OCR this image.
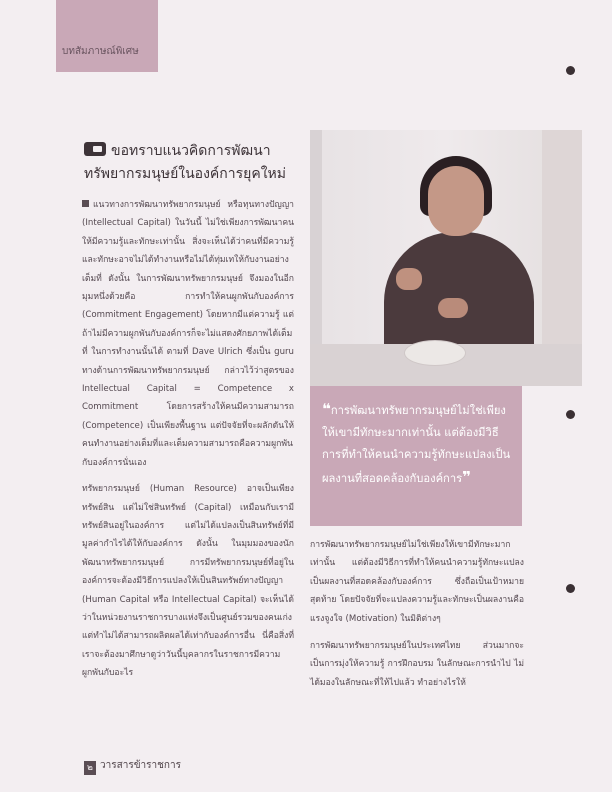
บทสัมภาษณ์พิเศษ
ขอทราบแนวคิดการพัฒนาทรัพยากรมนุษย์ในองค์การยุคใหม่

แนวทางการพัฒนาทรัพยากรมนุษย์ หรือทุนทางปัญญา (Intellectual Capital) ในวันนี้ ไม่ใช่เพียงการพัฒนาคนให้มีความรู้และทักษะเท่านั้น สิ่งจะเห็นได้ว่าคนที่มีความรู้และทักษะอาจไม่ได้ทำงานหรือไม่ได้ทุ่มเทให้กับงานอย่างเต็มที่ ดังนั้น ในการพัฒนาทรัพยากรมนุษย์ จึงมองในอีกมุมหนึ่งด้วยคือ การทำให้คนผูกพันกับองค์การ (Commitment Engagement) โดยหากมีแต่ความรู้ แต่ถ้าไม่มีความผูกพันกับองค์การก็จะไม่แสดงศักยภาพได้เต็มที่ ในการทำงานนั้นได้ ตามที่ Dave Ulrich ซึ่งเป็น guru ทางด้านการพัฒนาทรัพยากรมนุษย์ กล่าวไว้ว่าสูตรของ Intellectual Capital = Competence x Commitment โดยการสร้างให้คนมีความสามารถ (Competence) เป็นเพียงพื้นฐาน แต่ปัจจัยที่จะผลักดันให้คนทำงานอย่างเต็มที่และเต็มความสามารถคือความผูกพันกับองค์การนั่นเอง

ทรัพยากรมนุษย์ (Human Resource) อาจเป็นเพียงทรัพย์สิน แต่ไม่ใช่สินทรัพย์ (Capital) เหมือนกับเรามีทรัพย์สินอยู่ในองค์การ แต่ไม่ได้แปลงเป็นสินทรัพย์ที่มีมูลค่ากำไรได้ให้กับองค์การ ดังนั้น ในมุมมองของนักพัฒนาทรัพยากรมนุษย์ การมีทรัพยากรมนุษย์ที่อยู่ในองค์การจะต้องมีวิธีการแปลงให้เป็นสินทรัพย์ทางปัญญา (Human Capital หรือ Intellectual Capital) จะเห็นได้ว่าในหน่วยงานราชการบางแห่งจึงเป็นศูนย์รวมของคนเก่ง แต่ทำไม่ได้สามารถผลิตผลได้เท่ากับองค์การอื่น นี่คือสิ่งที่เราจะต้องมาศึกษาดูว่าวันนี้บุคลากรในราชการมีความผูกพันกับอะไร

❝การพัฒนาทรัพยากรมนุษย์ไม่ใช่เพียงให้เขามีทักษะมากเท่านั้น แต่ต้องมีวิธีการที่ทำให้คนนำความรู้ทักษะแปลงเป็นผลงานที่สอดคล้องกับองค์การ❞

การพัฒนาทรัพยากรมนุษย์ไม่ใช่เพียงให้เขามีทักษะมากเท่านั้น แต่ต้องมีวิธีการที่ทำให้คนนำความรู้ทักษะแปลงเป็นผลงานที่สอดคล้องกับองค์การ ซึ่งถือเป็นเป้าหมายสุดท้าย โดยปัจจัยที่จะแปลงความรู้และทักษะเป็นผลงานคือ แรงจูงใจ (Motivation) ในมิติต่างๆ

การพัฒนาทรัพยากรมนุษย์ในประเทศไทย ส่วนมากจะเป็นการมุ่งให้ความรู้ การฝึกอบรม ในลักษณะการนำไป ไม่ได้มองในลักษณะที่ให้ไปแล้ว ทำอย่างไรให้

๒ วารสารข้าราชการ
